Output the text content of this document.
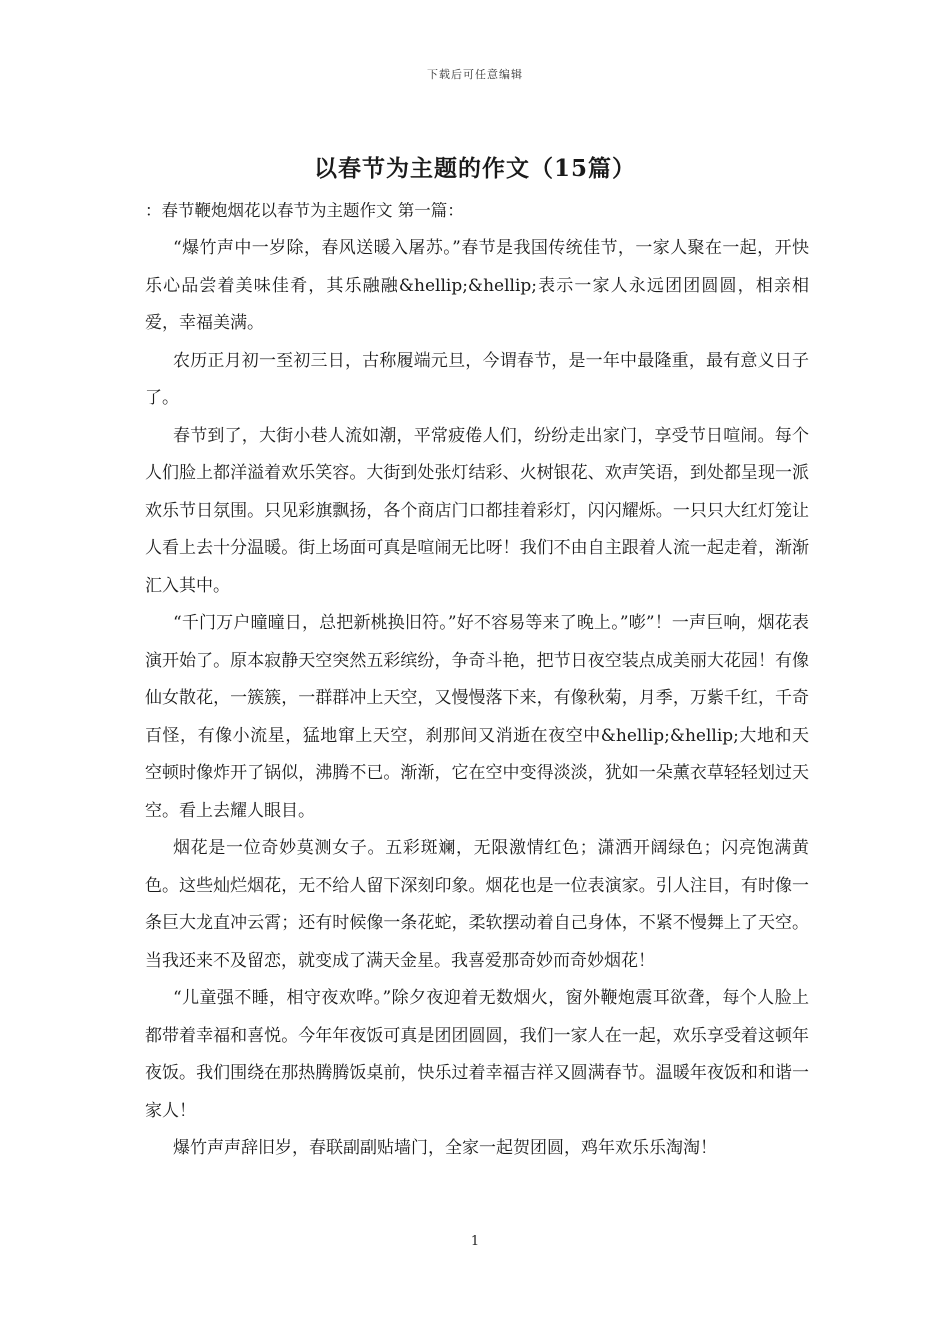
下载后可任意编辑
以春节为主题的作文（15篇）

：春节鞭炮烟花以春节为主题作文 第一篇：

“爆竹声中一岁除，春风送暖入屠苏。”春节是我国传统佳节，一家人聚在一起，开快乐心品尝着美味佳肴，其乐融融&hellip;&hellip;表示一家人永远团团圆圆，相亲相爱，幸福美满。

农历正月初一至初三日，古称履端元旦，今谓春节，是一年中最隆重，最有意义日子了。

春节到了，大街小巷人流如潮，平常疲倦人们，纷纷走出家门，享受节日喧闹。每个人们脸上都洋溢着欢乐笑容。大街到处张灯结彩、火树银花、欢声笑语，到处都呈现一派欢乐节日氛围。只见彩旗飘扬，各个商店门口都挂着彩灯，闪闪耀烁。一只只大红灯笼让人看上去十分温暖。街上场面可真是喧闹无比呀！我们不由自主跟着人流一起走着，渐渐汇入其中。

“千门万户曈曈日，总把新桃换旧符。”好不容易等来了晚上。”嘭”！一声巨响，烟花表演开始了。原本寂静天空突然五彩缤纷，争奇斗艳，把节日夜空装点成美丽大花园！有像仙女散花，一簇簇，一群群冲上天空，又慢慢落下来，有像秋菊，月季，万紫千红，千奇百怪，有像小流星，猛地窜上天空，刹那间又消逝在夜空中&hellip;&hellip;大地和天空顿时像炸开了锅似，沸腾不已。渐渐，它在空中变得淡淡，犹如一朵薰衣草轻轻划过天空。看上去耀人眼目。

烟花是一位奇妙莫测女子。五彩斑斓，无限激情红色；潇洒开阔绿色；闪亮饱满黄色。这些灿烂烟花，无不给人留下深刻印象。烟花也是一位表演家。引人注目，有时像一条巨大龙直冲云霄；还有时候像一条花蛇，柔软摆动着自己身体，不紧不慢舞上了天空。当我还来不及留恋，就变成了满天金星。我喜爱那奇妙而奇妙烟花！

“儿童强不睡，相守夜欢哗。”除夕夜迎着无数烟火，窗外鞭炮震耳欲聋，每个人脸上都带着幸福和喜悦。今年年夜饭可真是团团圆圆，我们一家人在一起，欢乐享受着这顿年夜饭。我们围绕在那热腾腾饭桌前，快乐过着幸福吉祥又圆满春节。温暖年夜饭和和谐一家人！

爆竹声声辞旧岁，春联副副贴墙门，全家一起贺团圆，鸡年欢乐乐淘淘！

1
